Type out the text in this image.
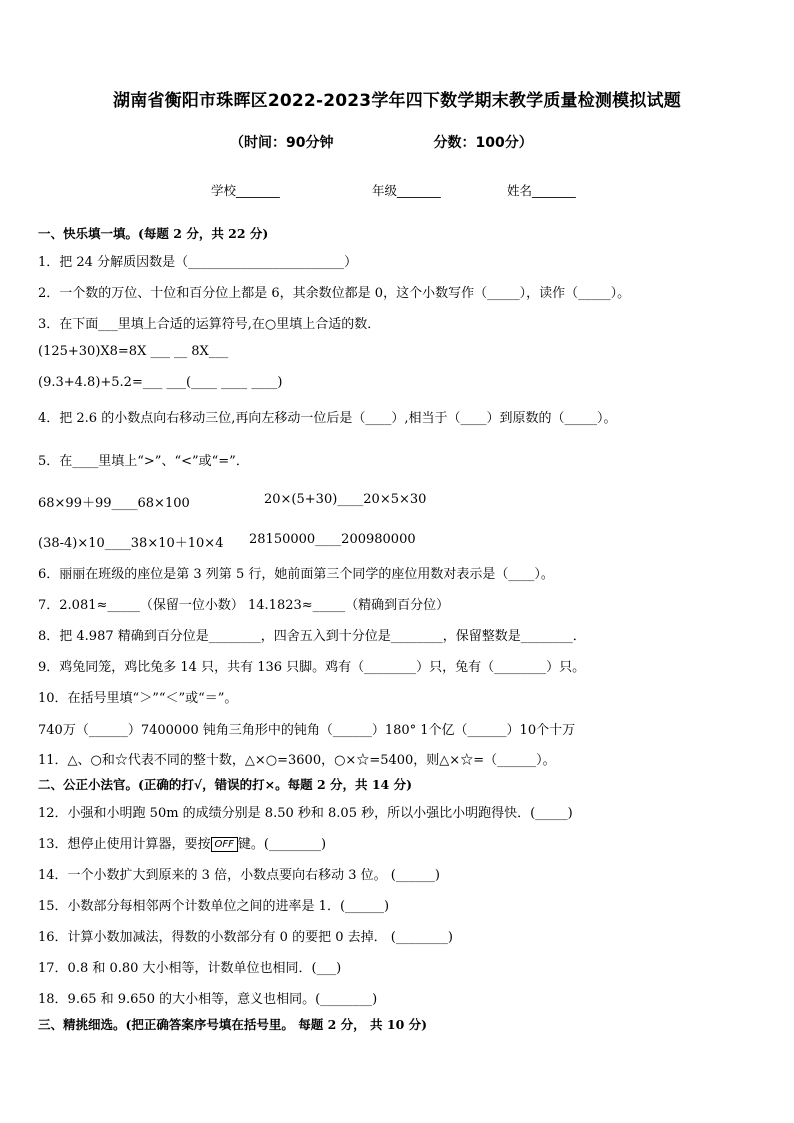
湖南省衡阳市珠晖区2022-2023学年四下数学期末教学质量检测模拟试题
（时间：90分钟	分数：100分）
学校_______	年级_______	姓名_______
一、快乐填一填。(每题 2 分，共 22 分)
1．把 24 分解质因数是（________________________）
2．一个数的万位、十位和百分位上都是 6，其余数位都是 0，这个小数写作（_____），读作（_____）。
3．在下面___里填上合适的运算符号,在○里填上合适的数．
(125+30)X8=8X ___ __ 8X___
(9.3+4.8)+5.2=___ ___(____ ____ ____)
4．把 2.6 的小数点向右移动三位,再向左移动一位后是（____）,相当于（____）到原数的（_____）。
5．在____里填上“>”、“<”或“=”．
68×99＋99____68×100	20×(5+30)____20×5×30
(38-4)×10____38×10＋10×4 28150000____200980000
6．丽丽在班级的座位是第 3 列第 5 行，她前面第三个同学的座位用数对表示是（____）。
7．2.081≈_____（保留一位小数） 14.1823≈_____（精确到百分位）
8．把 4.987 精确到百分位是________，四舍五入到十分位是________，保留整数是________．
9．鸡兔同笼，鸡比兔多 14 只，共有 136 只脚。鸡有（________）只，兔有（________）只。
10．在括号里填“＞”“＜”或“＝”。
740万（______）7400000 钝角三角形中的钝角（______）180° 1个亿（______）10个十万
11．△、○和☆代表不同的整十数，△×○=3600，○×☆=5400，则△×☆=（______）。
二、公正小法官。(正确的打√，错误的打×。每题 2 分，共 14 分)
12．小强和小明跑 50m 的成绩分别是 8.50 秒和 8.05 秒，所以小强比小明跑得快．(_____)
13．想停止使用计算器，要按 OFF 键。(________)
14．一个小数扩大到原来的 3 倍，小数点要向右移动 3 位。 (______)
15．小数部分每相邻两个计数单位之间的进率是 1．(______)
16．计算小数加减法，得数的小数部分有 0 的要把 0 去掉． (________)
17．0.8 和 0.80 大小相等，计数单位也相同．(___)
18．9.65 和 9.650 的大小相等，意义也相同。(________)
三、精挑细选。(把正确答案序号填在括号里。 每题 2 分， 共 10 分)
